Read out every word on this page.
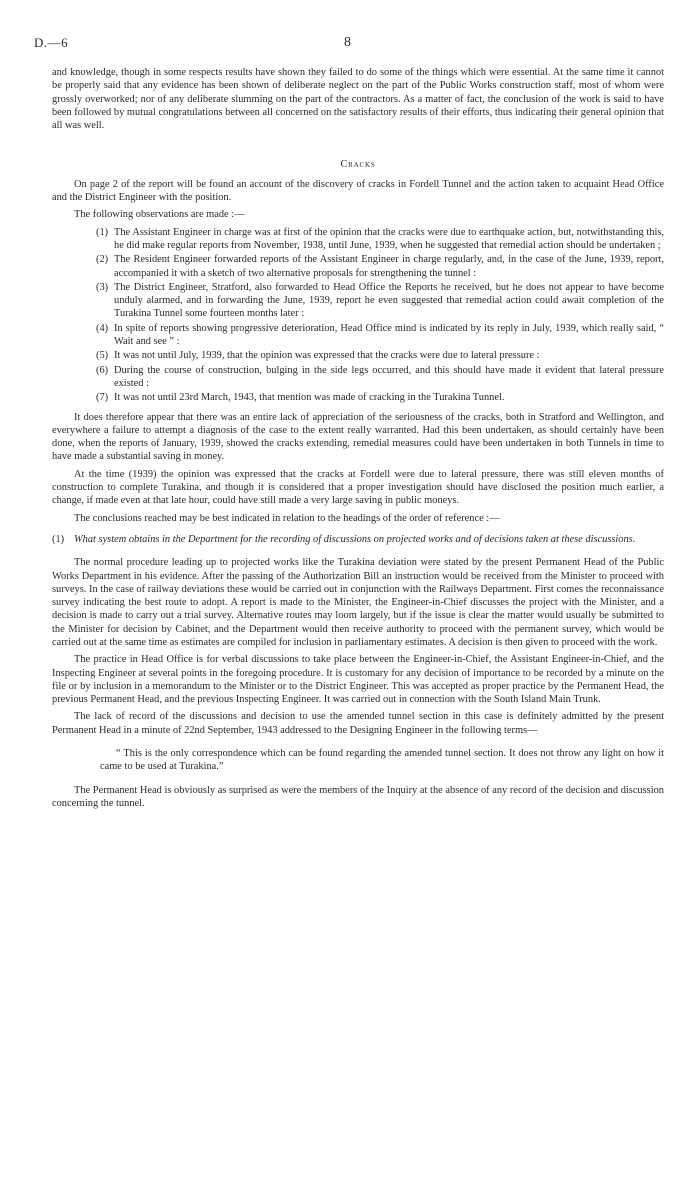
D.—6	8

and knowledge, though in some respects results have shown they failed to do some of the things which were essential. At the same time it cannot be properly said that any evidence has been shown of deliberate neglect on the part of the Public Works construction staff, most of whom were grossly overworked; nor of any deliberate slumming on the part of the contractors. As a matter of fact, the conclusion of the work is said to have been followed by mutual congratulations between all concerned on the satisfactory results of their efforts, thus indicating their general opinion that all was well.

Cracks

On page 2 of the report will be found an account of the discovery of cracks in Fordell Tunnel and the action taken to acquaint Head Office and the District Engineer with the position.

The following observations are made :—

(1) The Assistant Engineer in charge was at first of the opinion that the cracks were due to earthquake action, but, notwithstanding this, he did make regular reports from November, 1938, until June, 1939, when he suggested that remedial action should be undertaken ;
(2) The Resident Engineer forwarded reports of the Assistant Engineer in charge regularly, and, in the case of the June, 1939, report, accompanied it with a sketch of two alternative proposals for strengthening the tunnel :
(3) The District Engineer, Stratford, also forwarded to Head Office the Reports he received, but he does not appear to have become unduly alarmed, and in forwarding the June, 1939, report he even suggested that remedial action could await completion of the Turakina Tunnel some fourteen months later :
(4) In spite of reports showing progressive deterioration, Head Office mind is indicated by its reply in July, 1939, which really said, “ Wait and see ” :
(5) It was not until July, 1939, that the opinion was expressed that the cracks were due to lateral pressure :
(6) During the course of construction, bulging in the side legs occurred, and this should have made it evident that lateral pressure existed :
(7) It was not until 23rd March, 1943, that mention was made of cracking in the Turakina Tunnel.

It does therefore appear that there was an entire lack of appreciation of the seriousness of the cracks, both in Stratford and Wellington, and everywhere a failure to attempt a diagnosis of the case to the extent really warranted. Had this been undertaken, as should certainly have been done, when the reports of January, 1939, showed the cracks extending, remedial measures could have been undertaken in both Tunnels in time to have made a substantial saving in money.

At the time (1939) the opinion was expressed that the cracks at Fordell were due to lateral pressure, there was still eleven months of construction to complete Turakina, and though it is considered that a proper investigation should have disclosed the position much earlier, a change, if made even at that late hour, could have still made a very large saving in public moneys.

The conclusions reached may be best indicated in relation to the headings of the order of reference :—

(1) What system obtains in the Department for the recording of discussions on projected works and of decisions taken at these discussions.

The normal procedure leading up to projected works like the Turakina deviation were stated by the present Permanent Head of the Public Works Department in his evidence. After the passing of the Authorization Bill an instruction would be received from the Minister to proceed with surveys. In the case of railway deviations these would be carried out in conjunction with the Railways Department. First comes the reconnaissance survey indicating the best route to adopt. A report is made to the Minister, the Engineer-in-Chief discusses the project with the Minister, and a decision is made to carry out a trial survey. Alternative routes may loom largely, but if the issue is clear the matter would usually be submitted to the Minister for decision by Cabinet, and the Department would then receive authority to proceed with the permanent survey, which would be carried out at the same time as estimates are compiled for inclusion in parliamentary estimates. A decision is then given to proceed with the work.

The practice in Head Office is for verbal discussions to take place between the Engineer-in-Chief, the Assistant Engineer-in-Chief, and the Inspecting Engineer at several points in the foregoing procedure. It is customary for any decision of importance to be recorded by a minute on the file or by inclusion in a memorandum to the Minister or to the District Engineer. This was accepted as proper practice by the Permanent Head, the previous Permanent Head, and the previous Inspecting Engineer. It was carried out in connection with the South Island Main Trunk.

The lack of record of the discussions and decision to use the amended tunnel section in this case is definitely admitted by the present Permanent Head in a minute of 22nd September, 1943 addressed to the Designing Engineer in the following terms—

“ This is the only correspondence which can be found regarding the amended tunnel section. It does not throw any light on how it came to be used at Turakina.”

The Permanent Head is obviously as surprised as were the members of the Inquiry at the absence of any record of the decision and discussion concerning the tunnel.
